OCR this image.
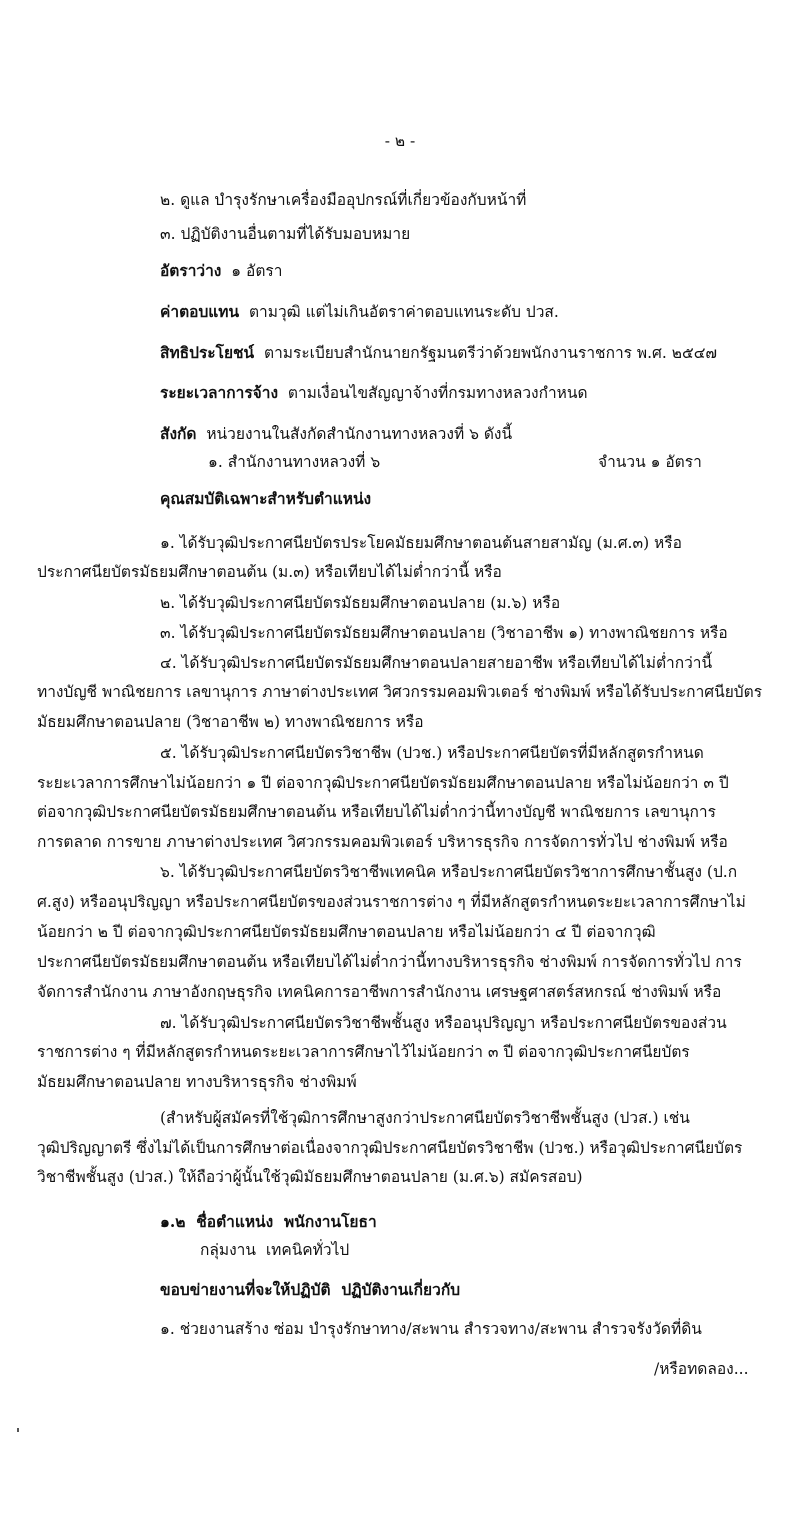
- ๒ -
๒. ดูแล บำรุงรักษาเครื่องมืออุปกรณ์ที่เกี่ยวข้องกับหน้าที่
๓. ปฏิบัติงานอื่นตามที่ได้รับมอบหมาย
อัตราว่าง ๑ อัตรา
ค่าตอบแทน ตามวุฒิ แต่ไม่เกินอัตราค่าตอบแทนระดับ ปวส.
สิทธิประโยชน์ ตามระเบียบสำนักนายกรัฐมนตรีว่าด้วยพนักงานราชการ พ.ศ. ๒๕๔๗
ระยะเวลาการจ้าง ตามเงื่อนไขสัญญาจ้างที่กรมทางหลวงกำหนด
สังกัด หน่วยงานในสังกัดสำนักงานทางหลวงที่ ๖ ดังนี้
๑. สำนักงานทางหลวงที่ ๖	จำนวน ๑ อัตรา
คุณสมบัติเฉพาะสำหรับตำแหน่ง
๑. ได้รับวุฒิประกาศนียบัตรประโยคมัธยมศึกษาตอนต้นสายสามัญ (ม.ศ.๓) หรือ
ประกาศนียบัตรมัธยมศึกษาตอนต้น (ม.๓) หรือเทียบได้ไม่ต่ำกว่านี้ หรือ
๒. ได้รับวุฒิประกาศนียบัตรมัธยมศึกษาตอนปลาย (ม.๖) หรือ
๓. ได้รับวุฒิประกาศนียบัตรมัธยมศึกษาตอนปลาย (วิชาอาชีพ ๑) ทางพาณิชยการ หรือ
๔. ได้รับวุฒิประกาศนียบัตรมัธยมศึกษาตอนปลายสายอาชีพ หรือเทียบได้ไม่ต่ำกว่านี้
ทางบัญชี พาณิชยการ เลขานุการ ภาษาต่างประเทศ วิศวกรรมคอมพิวเตอร์ ช่างพิมพ์ หรือได้รับประกาศนียบัตร
มัธยมศึกษาตอนปลาย (วิชาอาชีพ ๒) ทางพาณิชยการ หรือ
๕. ได้รับวุฒิประกาศนียบัตรวิชาชีพ (ปวช.) หรือประกาศนียบัตรที่มีหลักสูตรกำหนด
ระยะเวลาการศึกษาไม่น้อยกว่า ๑ ปี ต่อจากวุฒิประกาศนียบัตรมัธยมศึกษาตอนปลาย หรือไม่น้อยกว่า ๓ ปี
ต่อจากวุฒิประกาศนียบัตรมัธยมศึกษาตอนต้น หรือเทียบได้ไม่ต่ำกว่านี้ทางบัญชี พาณิชยการ เลขานุการ
การตลาด การขาย ภาษาต่างประเทศ วิศวกรรมคอมพิวเตอร์ บริหารธุรกิจ การจัดการทั่วไป ช่างพิมพ์ หรือ
๖. ได้รับวุฒิประกาศนียบัตรวิชาชีพเทคนิค หรือประกาศนียบัตรวิชาการศึกษาชั้นสูง (ป.ก
ศ.สูง) หรืออนุปริญญา หรือประกาศนียบัตรของส่วนราชการต่าง ๆ ที่มีหลักสูตรกำหนดระยะเวลาการศึกษาไม่
น้อยกว่า ๒ ปี ต่อจากวุฒิประกาศนียบัตรมัธยมศึกษาตอนปลาย หรือไม่น้อยกว่า ๔ ปี ต่อจากวุฒิ
ประกาศนียบัตรมัธยมศึกษาตอนต้น หรือเทียบได้ไม่ต่ำกว่านี้ทางบริหารธุรกิจ ช่างพิมพ์ การจัดการทั่วไป การ
จัดการสำนักงาน ภาษาอังกฤษธุรกิจ เทคนิคการอาชีพการสำนักงาน เศรษฐศาสตร์สหกรณ์ ช่างพิมพ์ หรือ
๗. ได้รับวุฒิประกาศนียบัตรวิชาชีพชั้นสูง หรืออนุปริญญา หรือประกาศนียบัตรของส่วน
ราชการต่าง ๆ ที่มีหลักสูตรกำหนดระยะเวลาการศึกษาไว้ไม่น้อยกว่า ๓ ปี ต่อจากวุฒิประกาศนียบัตร
มัธยมศึกษาตอนปลาย ทางบริหารธุรกิจ ช่างพิมพ์
(สำหรับผู้สมัครที่ใช้วุฒิการศึกษาสูงกว่าประกาศนียบัตรวิชาชีพชั้นสูง (ปวส.) เช่น
วุฒิปริญญาตรี ซึ่งไม่ได้เป็นการศึกษาต่อเนื่องจากวุฒิประกาศนียบัตรวิชาชีพ (ปวช.) หรือวุฒิประกาศนียบัตร
วิชาชีพชั้นสูง (ปวส.) ให้ถือว่าผู้นั้นใช้วุฒิมัธยมศึกษาตอนปลาย (ม.ศ.๖) สมัครสอบ)
๑.๒ ชื่อตำแหน่ง พนักงานโยธา
กลุ่มงาน เทคนิคทั่วไป
ขอบข่ายงานที่จะให้ปฏิบัติ ปฏิบัติงานเกี่ยวกับ
๑. ช่วยงานสร้าง ซ่อม บำรุงรักษาทาง/สะพาน สำรวจทาง/สะพาน สำรวจรังวัดที่ดิน
/หรือทดลอง...
